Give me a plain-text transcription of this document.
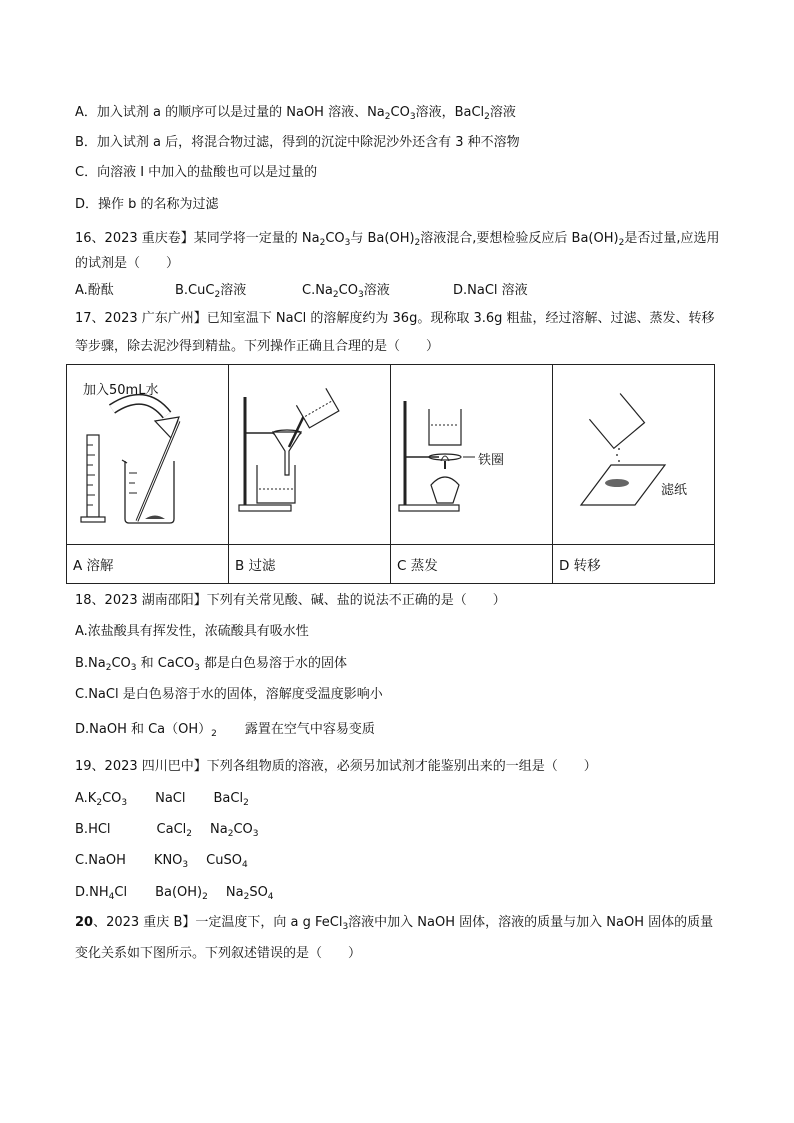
A．加入试剂 a 的顺序可以是过量的 NaOH 溶液、$Na_2CO_3$溶液，BaCl$_2$溶液
B．加入试剂 a 后，将混合物过滤，得到的沉淀中除泥沙外还含有 3 种不溶物
C．向溶液 I 中加入的盐酸也可以是过量的
D．操作 b 的名称为过滤
16、2023 重庆卷】某同学将一定量的 $Na_2CO_3$与 $Ba(OH)_2$溶液混合,要想检验反应后 $Ba(OH)_2$是否过量,应选用
的试剂是（　　）
A.酚酞	B.CuC$_2$溶液	$C.Na_2CO_3$溶液	D.NaCl 溶液
17、2023 广东广州】已知室温下 NaCl 的溶解度约为 36g。现称取 3.6g 粗盐，经过溶解、过滤、蒸发、转移
等步骤，除去泥沙得到精盐。下列操作正确且合理的是（　　）
加入50mL水		铁圈	滤纸

A 溶解	B 过滤	C 蒸发	D 转移
18、2023 湖南邵阳】下列有关常见酸、碱、盐的说法不正确的是（　　）
A.浓盐酸具有挥发性，浓硫酸具有吸水性
$B.Na_2CO_3$ 和 CaCO$_3$ 都是白色易溶于水的固体
C.NaCl 是白色易溶于水的固体，溶解度受温度影响小
D.NaOH 和 $Ca(OH)_2$ 露置在空气中容易变质
19、2023 四川巴中】下列各组物质的溶液，必须另加试剂才能鉴别出来的一组是（　　）
$A.K_2CO_3$ NaCl BaCl$_2$
B.HCl	CaCl$_2$ $Na_2CO_3$
C.NaOH $KNO_3$ CuSO$_4$
$D.NH_4Cl$ $Ba(OH)_2$ $Na_2SO_4$
20、2023 重庆 B】一定温度下，向 a g FeCl$_3$溶液中加入 NaOH 固体，溶液的质量与加入 NaOH 固体的质量
变化关系如下图所示。下列叙述错误的是（　　）
